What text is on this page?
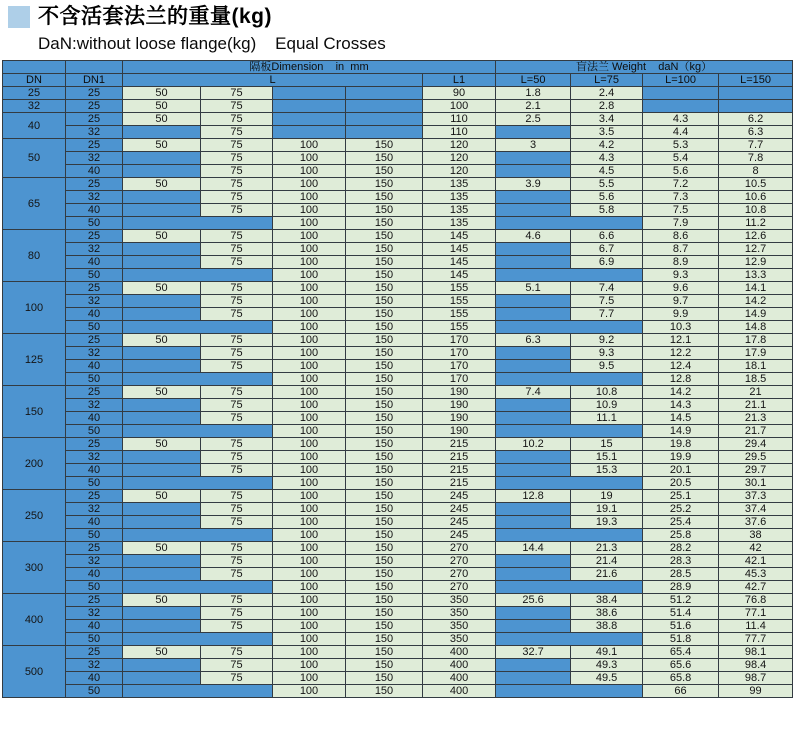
不含活套法兰的重量(kg)
DaN:without loose flange(kg)    Equal Crosses
		隔板Dimension    in  mm					盲法兰 Weight    daN（kg）			
DN	DN1	L				L1	L=50	L=75	L=100	L=150
25	25	50	75			90	1.8	2.4		
32	25	50	75			100	2.1	2.8		
40	25	50	75			110	2.5	3.4	4.3	6.2
	32		75			110		3.5	4.4	6.3
50	25	50	75	100	150	120	3	4.2	5.3	7.7
	32		75	100	150	120		4.3	5.4	7.8
	40		75	100	150	120		4.5	5.6	8
65	25	50	75	100	150	135	3.9	5.5	7.2	10.5
	32		75	100	150	135		5.6	7.3	10.6
	40		75	100	150	135		5.8	7.5	10.8
	50			100	150	135			7.9	11.2
80	25	50	75	100	150	145	4.6	6.6	8.6	12.6
	32		75	100	150	145		6.7	8.7	12.7
	40		75	100	150	145		6.9	8.9	12.9
	50			100	150	145			9.3	13.3
100	25	50	75	100	150	155	5.1	7.4	9.6	14.1
	32		75	100	150	155		7.5	9.7	14.2
	40		75	100	150	155		7.7	9.9	14.9
	50			100	150	155			10.3	14.8
125	25	50	75	100	150	170	6.3	9.2	12.1	17.8
	32		75	100	150	170		9.3	12.2	17.9
	40		75	100	150	170		9.5	12.4	18.1
	50			100	150	170			12.8	18.5
150	25	50	75	100	150	190	7.4	10.8	14.2	21
	32		75	100	150	190		10.9	14.3	21.1
	40		75	100	150	190		11.1	14.5	21.3
	50			100	150	190			14.9	21.7
200	25	50	75	100	150	215	10.2	15	19.8	29.4
	32		75	100	150	215		15.1	19.9	29.5
	40		75	100	150	215		15.3	20.1	29.7
	50			100	150	215			20.5	30.1
250	25	50	75	100	150	245	12.8	19	25.1	37.3
	32		75	100	150	245		19.1	25.2	37.4
	40		75	100	150	245		19.3	25.4	37.6
	50			100	150	245			25.8	38
300	25	50	75	100	150	270	14.4	21.3	28.2	42
	32		75	100	150	270		21.4	28.3	42.1
	40		75	100	150	270		21.6	28.5	45.3
	50			100	150	270			28.9	42.7
400	25	50	75	100	150	350	25.6	38.4	51.2	76.8
	32		75	100	150	350		38.6	51.4	77.1
	40		75	100	150	350		38.8	51.6	11.4
	50			100	150	350			51.8	77.7
500	25	50	75	100	150	400	32.7	49.1	65.4	98.1
	32		75	100	150	400		49.3	65.6	98.4
	40		75	100	150	400		49.5	65.8	98.7
	50			100	150	400			66	99
